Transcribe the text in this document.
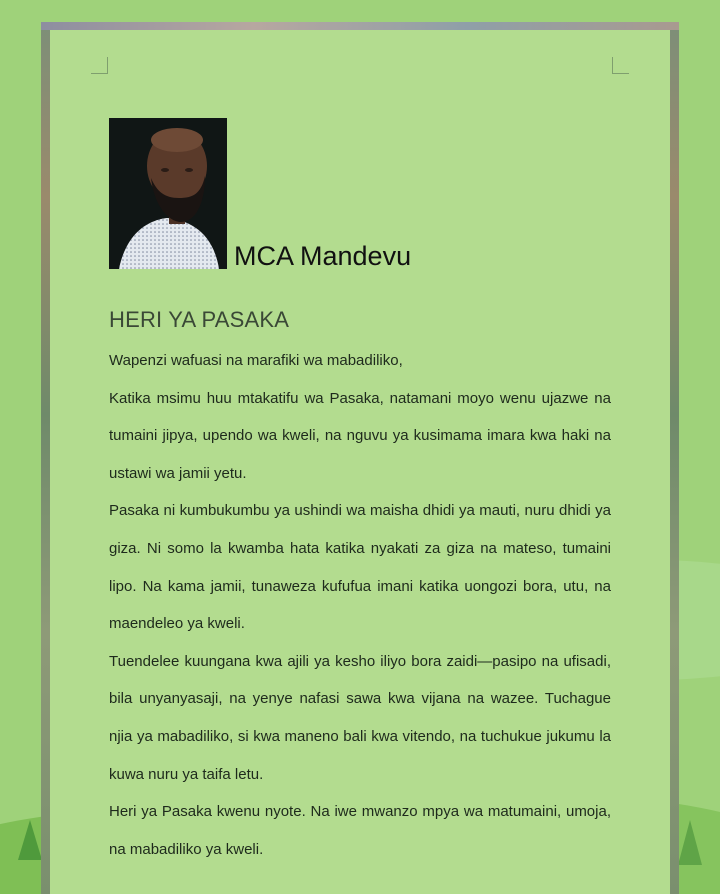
MCA Mandevu
HERI YA PASAKA

Wapenzi wafuasi na marafiki wa mabadiliko,

Katika msimu huu mtakatifu wa Pasaka, natamani moyo wenu ujazwe na tumaini jipya, upendo wa kweli, na nguvu ya kusimama imara kwa haki na ustawi wa jamii yetu.

Pasaka ni kumbukumbu ya ushindi wa maisha dhidi ya mauti, nuru dhidi ya giza. Ni somo la kwamba hata katika nyakati za giza na mateso, tumaini lipo. Na kama jamii, tunaweza kufufua imani katika uongozi bora, utu, na maendeleo ya kweli.

Tuendelee kuungana kwa ajili ya kesho iliyo bora zaidi—pasipo na ufisadi, bila unyanyasaji, na yenye nafasi sawa kwa vijana na wazee. Tuchague njia ya mabadiliko, si kwa maneno bali kwa vitendo, na tuchukue jukumu la kuwa nuru ya taifa letu.

Heri ya Pasaka kwenu nyote. Na iwe mwanzo mpya wa matumaini, umoja, na mabadiliko ya kweli.
